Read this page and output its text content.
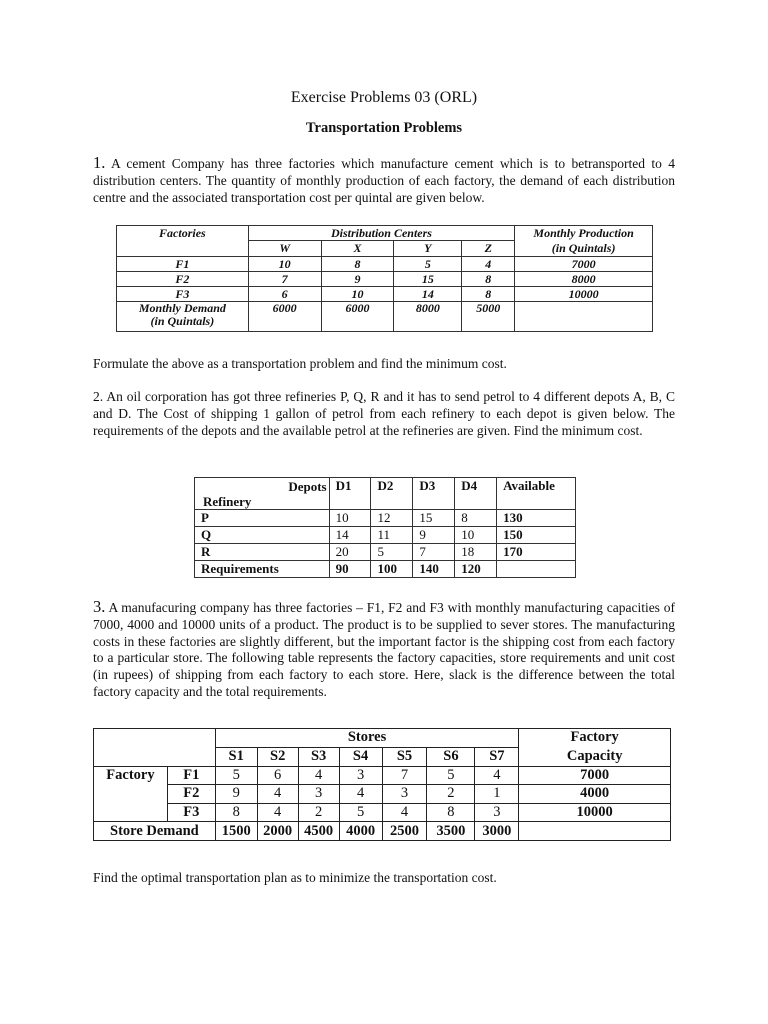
Exercise Problems 03 (ORL)
Transportation Problems
1. A cement Company has three factories which manufacture cement which is to betransported to 4 distribution centers. The quantity of monthly production of each factory, the demand of each distribution centre and the associated transportation cost per quintal are given below.
Factories	Distribution Centers				Monthly Production
	W	X	Y	Z	(in Quintals)
F1	10	8	5	4	7000
F2	7	9	15	8	8000
F3	6	10	14	8	10000
Monthly Demand
(in Quintals)	6000	6000	8000	5000	
Formulate the above as a transportation problem and find the minimum cost.
2. An oil corporation has got three refineries P, Q, R and it has to send petrol to 4 different depots A, B, C and D. The Cost of shipping 1 gallon of petrol from each refinery to each depot is given below. The requirements of the depots and the available petrol at the refineries are given. Find the minimum cost.
Depots
Refinery	D1	D2	D3	D4	Available
P	10	12	15	8	130
Q	14	11	9	10	150
R	20	5	7	18	170
Requirements	90	100	140	120	
3. A manufacuring company has three factories – F1, F2 and F3 with monthly manufacturing capacities of 7000, 4000 and 10000 units of a product. The product is to be supplied to sever stores. The manufacturing costs in these factories are slightly different, but the important factor is the shipping cost from each factory to a particular store. The following table represents the factory capacities, store requirements and unit cost (in rupees) of shipping from each factory to each store. Here, slack is the difference between the total factory capacity and the total requirements.
		Stores							Factory
		S1	S2	S3	S4	S5	S6	S7	Capacity
Factory	F1	5	6	4	3	7	5	4	7000
	F2	9	4	3	4	3	2	1	4000
	F3	8	4	2	5	4	8	3	10000
Store Demand		1500	2000	4500	4000	2500	3500	3000	
Find the optimal transportation plan as to minimize the transportation cost.
